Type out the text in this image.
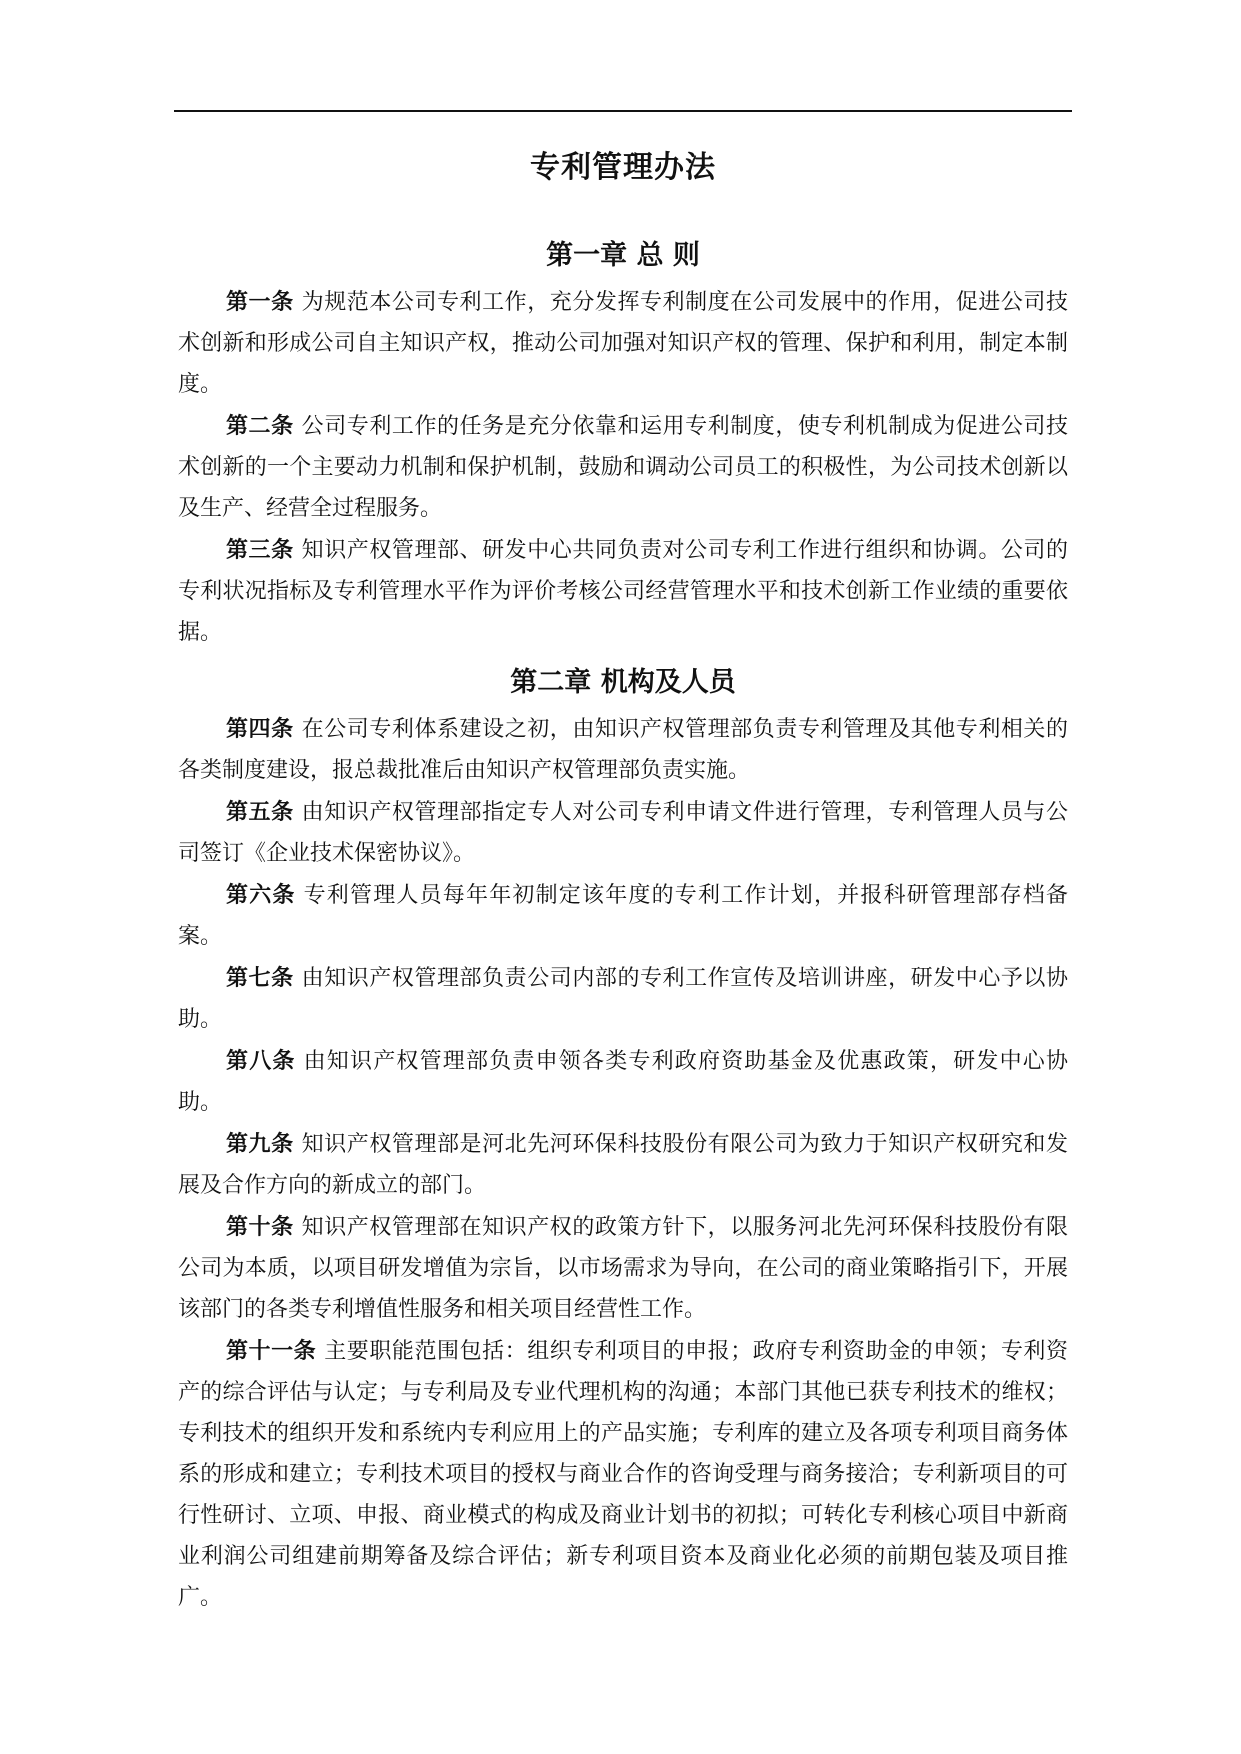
专利管理办法
第一章 总 则

第一条 为规范本公司专利工作，充分发挥专利制度在公司发展中的作用，促进公司技术创新和形成公司自主知识产权，推动公司加强对知识产权的管理、保护和利用，制定本制度。

第二条 公司专利工作的任务是充分依靠和运用专利制度，使专利机制成为促进公司技术创新的一个主要动力机制和保护机制，鼓励和调动公司员工的积极性，为公司技术创新以及生产、经营全过程服务。

第三条 知识产权管理部、研发中心共同负责对公司专利工作进行组织和协调。公司的专利状况指标及专利管理水平作为评价考核公司经营管理水平和技术创新工作业绩的重要依据。

第二章 机构及人员

第四条 在公司专利体系建设之初，由知识产权管理部负责专利管理及其他专利相关的各类制度建设，报总裁批准后由知识产权管理部负责实施。

第五条 由知识产权管理部指定专人对公司专利申请文件进行管理，专利管理人员与公司签订《企业技术保密协议》。

第六条 专利管理人员每年年初制定该年度的专利工作计划，并报科研管理部存档备案。

第七条 由知识产权管理部负责公司内部的专利工作宣传及培训讲座，研发中心予以协助。

第八条 由知识产权管理部负责申领各类专利政府资助基金及优惠政策，研发中心协助。

第九条 知识产权管理部是河北先河环保科技股份有限公司为致力于知识产权研究和发展及合作方向的新成立的部门。

第十条 知识产权管理部在知识产权的政策方针下，以服务河北先河环保科技股份有限公司为本质，以项目研发增值为宗旨，以市场需求为导向，在公司的商业策略指引下，开展该部门的各类专利增值性服务和相关项目经营性工作。

第十一条 主要职能范围包括：组织专利项目的申报；政府专利资助金的申领；专利资产的综合评估与认定；与专利局及专业代理机构的沟通；本部门其他已获专利技术的维权；专利技术的组织开发和系统内专利应用上的产品实施；专利库的建立及各项专利项目商务体系的形成和建立；专利技术项目的授权与商业合作的咨询受理与商务接洽；专利新项目的可行性研讨、立项、申报、商业模式的构成及商业计划书的初拟；可转化专利核心项目中新商业利润公司组建前期筹备及综合评估；新专利项目资本及商业化必须的前期包装及项目推广。
